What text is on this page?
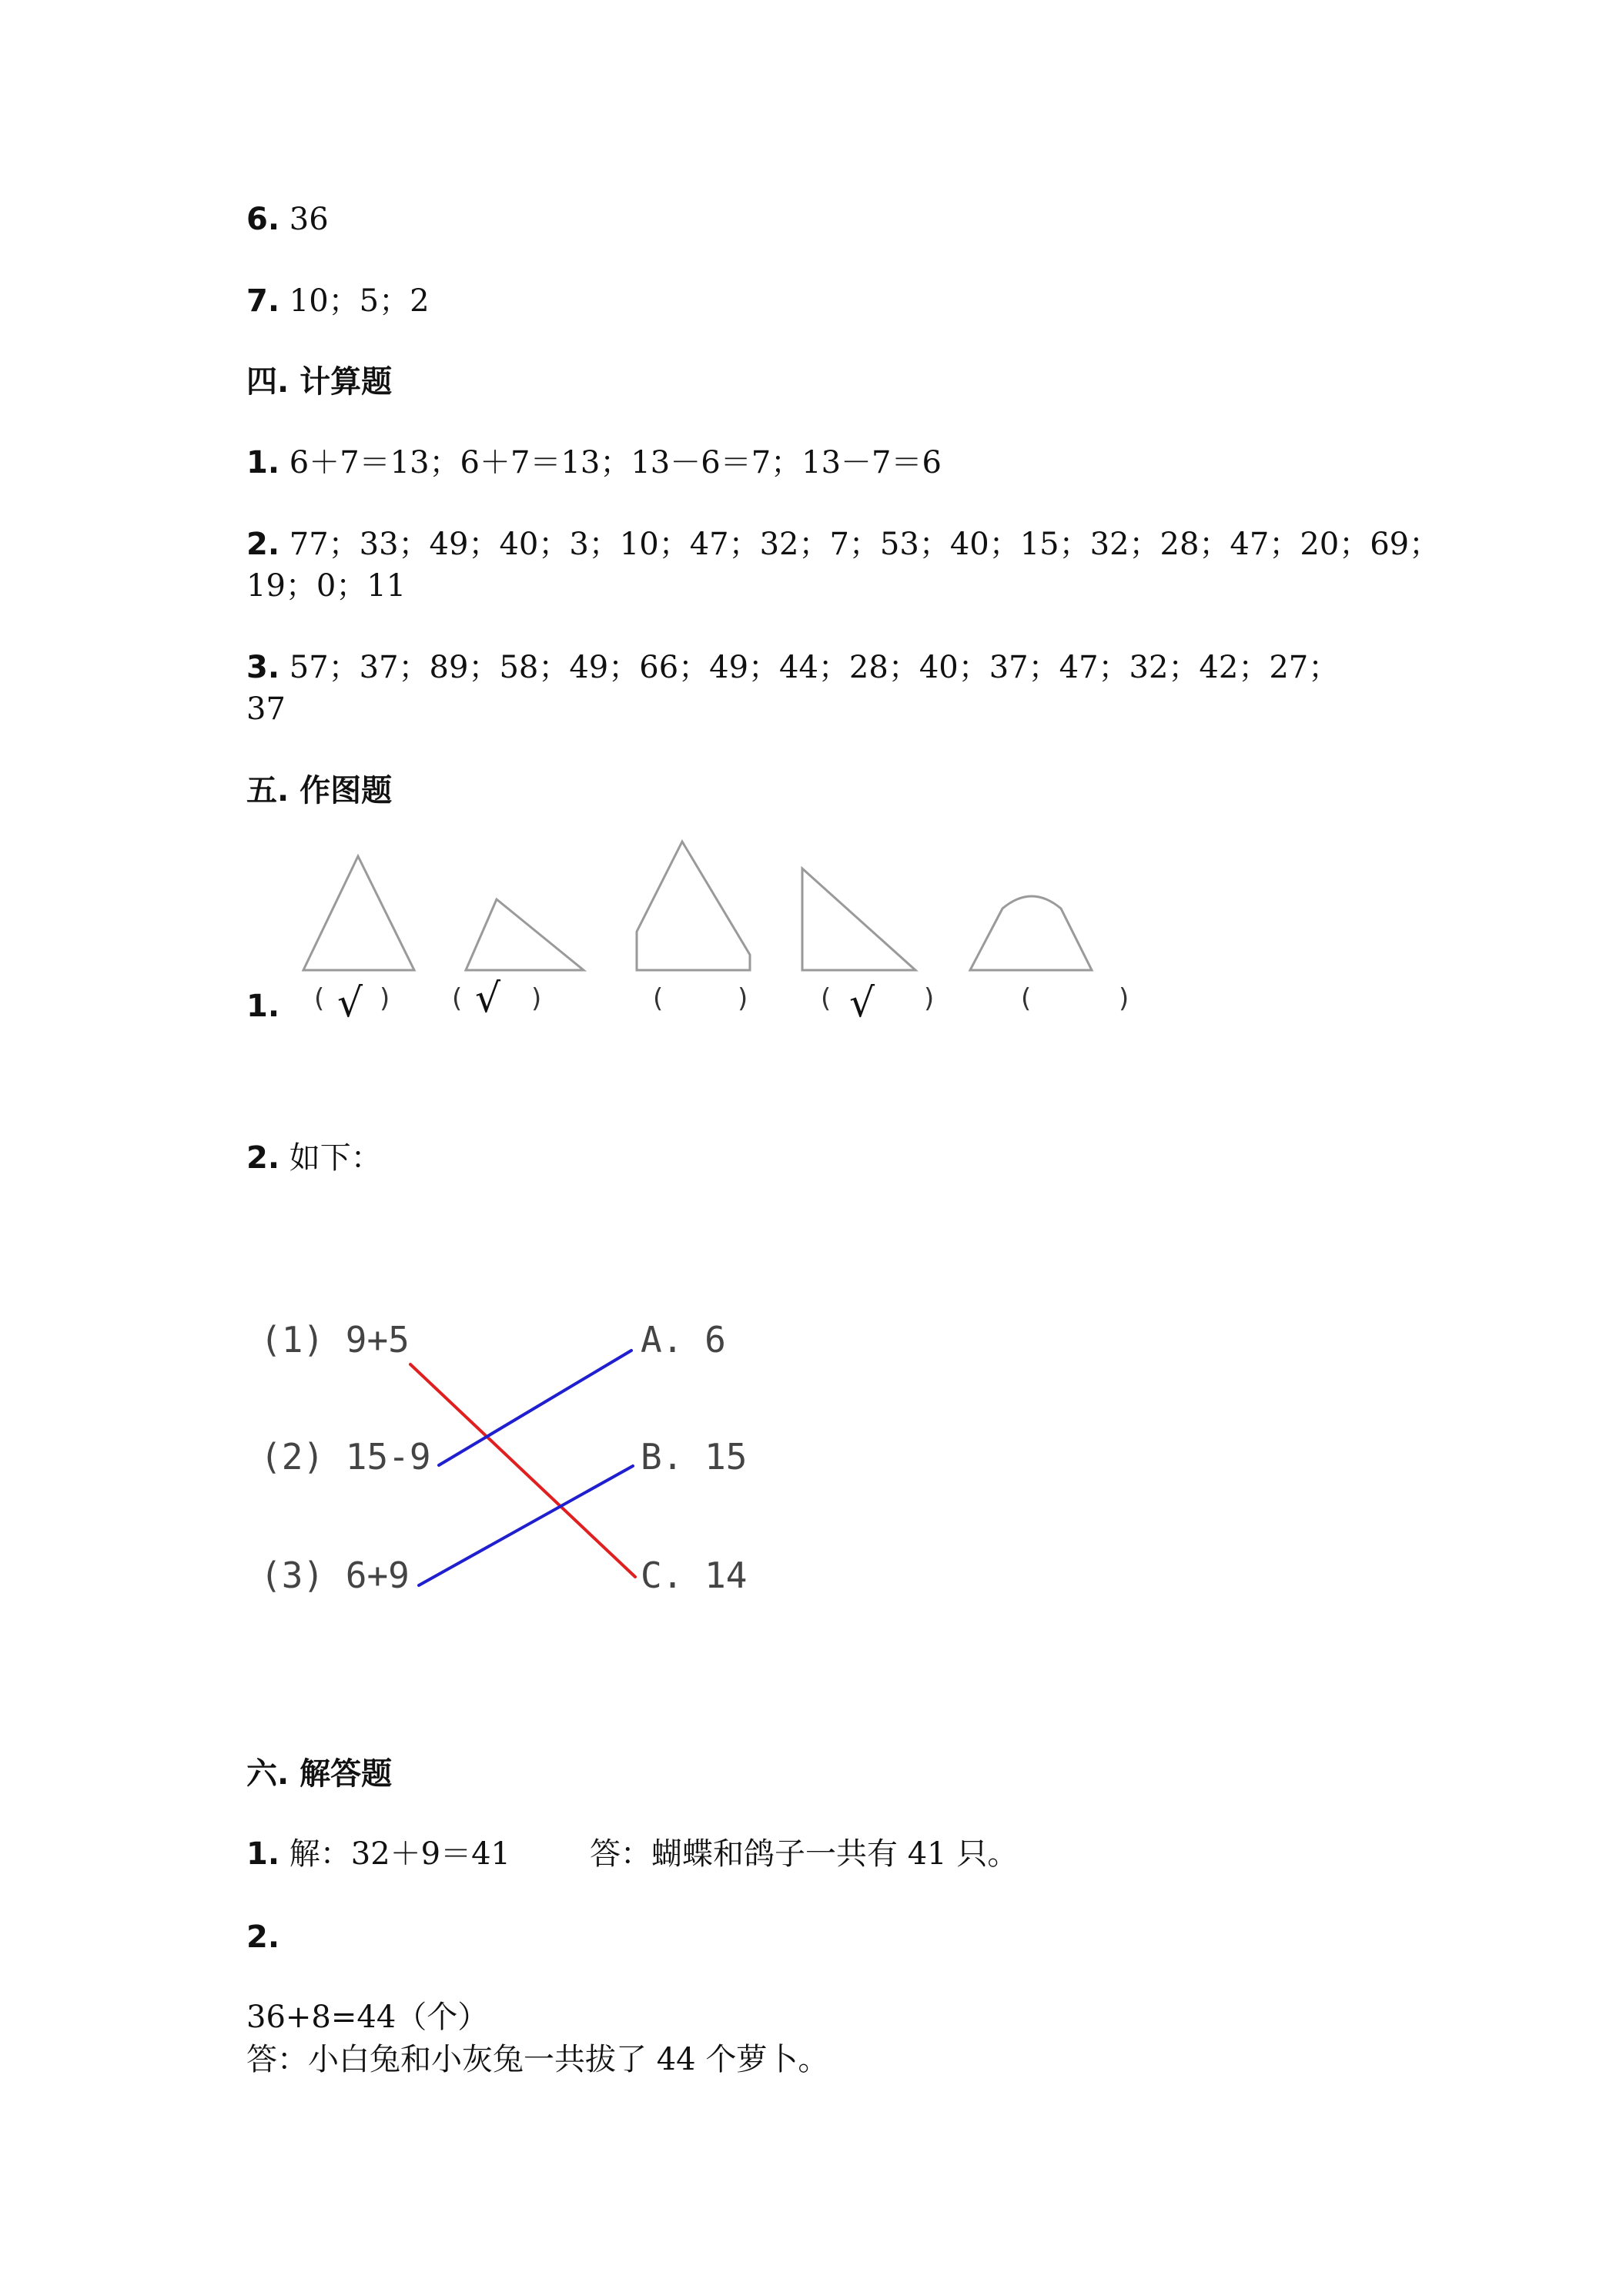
6. 36
7. 10；5；2
四. 计算题
1. 6＋7＝13；6＋7＝13；13－6＝7；13－7＝6
2. 77；33；49；40；3；10；47；32；7；53；40；15；32；28；47；20；69；
19；0；11
3. 57；37；89；58；49；66；49；44；28；40；37；47；32；42；27；
37
五. 作图题
1. ( √ ) ( √ )	(	)	( √ )	(	)
2. 如下：
(1) 9+5
(2) 15-9
(3) 6+9
A. 6
B. 15
C. 14
六. 解答题
1. 解：32＋9＝41	答：蝴蝶和鸽子一共有 41 只。
2.
36+8=44（个）
答：小白兔和小灰兔一共拔了 44 个萝卜。
